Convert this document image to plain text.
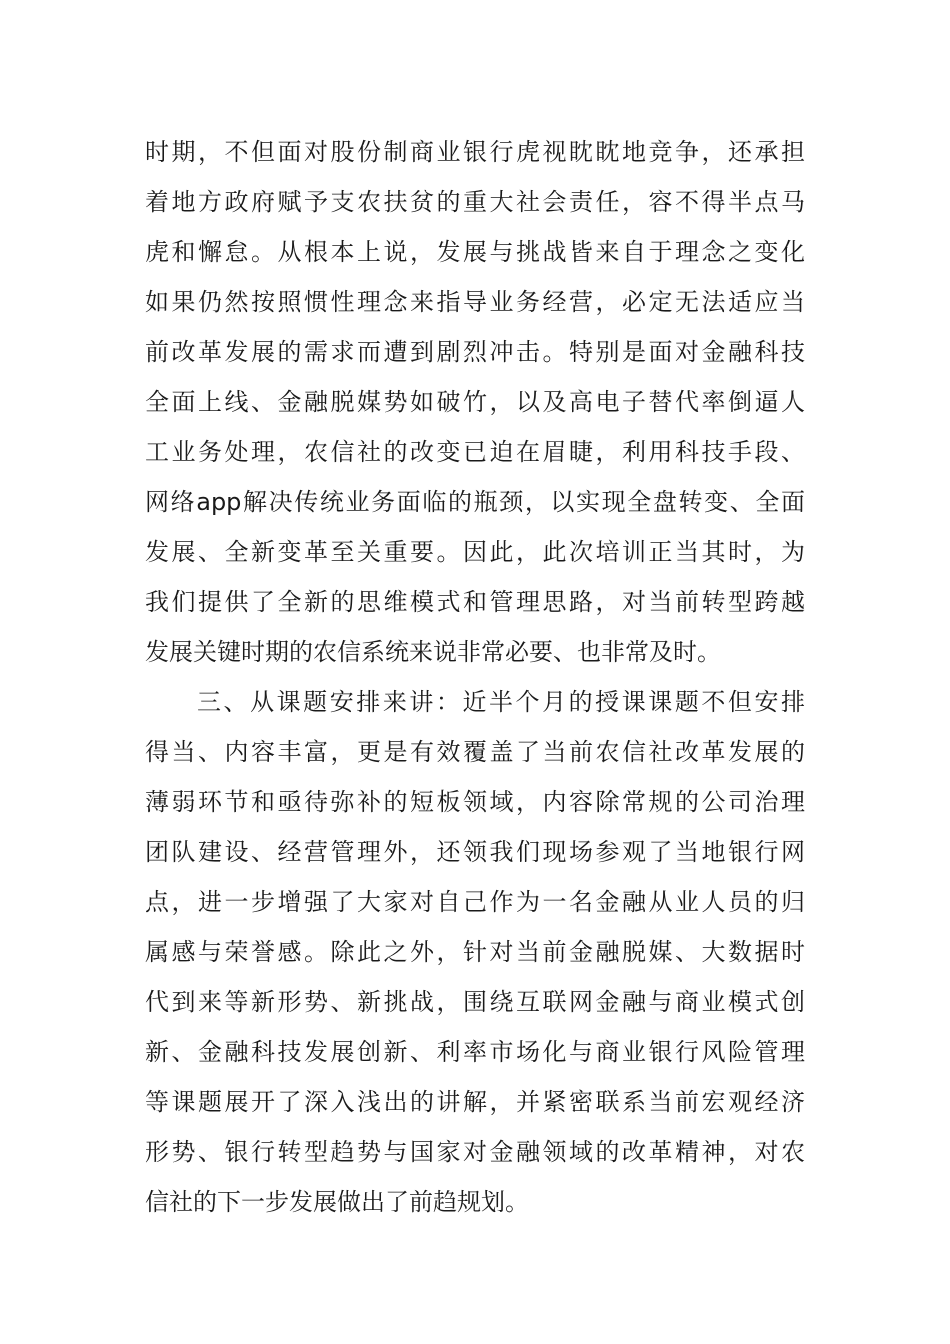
时期，不但面对股份制商业银行虎视眈眈地竞争，还承担
着地方政府赋予支农扶贫的重大社会责任，容不得半点马
虎和懈怠。从根本上说，发展与挑战皆来自于理念之变化
如果仍然按照惯性理念来指导业务经营，必定无法适应当
前改革发展的需求而遭到剧烈冲击。特别是面对金融科技
全面上线、金融脱媒势如破竹，以及高电子替代率倒逼人
工业务处理，农信社的改变已迫在眉睫，利用科技手段、
网络app解决传统业务面临的瓶颈，以实现全盘转变、全面
发展、全新变革至关重要。因此，此次培训正当其时，为
我们提供了全新的思维模式和管理思路，对当前转型跨越
发展关键时期的农信系统来说非常必要、也非常及时。
三、从课题安排来讲：近半个月的授课课题不但安排
得当、内容丰富，更是有效覆盖了当前农信社改革发展的
薄弱环节和亟待弥补的短板领域，内容除常规的公司治理
团队建设、经营管理外，还领我们现场参观了当地银行网
点，进一步增强了大家对自己作为一名金融从业人员的归
属感与荣誉感。除此之外，针对当前金融脱媒、大数据时
代到来等新形势、新挑战，围绕互联网金融与商业模式创
新、金融科技发展创新、利率市场化与商业银行风险管理
等课题展开了深入浅出的讲解，并紧密联系当前宏观经济
形势、银行转型趋势与国家对金融领域的改革精神，对农
信社的下一步发展做出了前趋规划。
